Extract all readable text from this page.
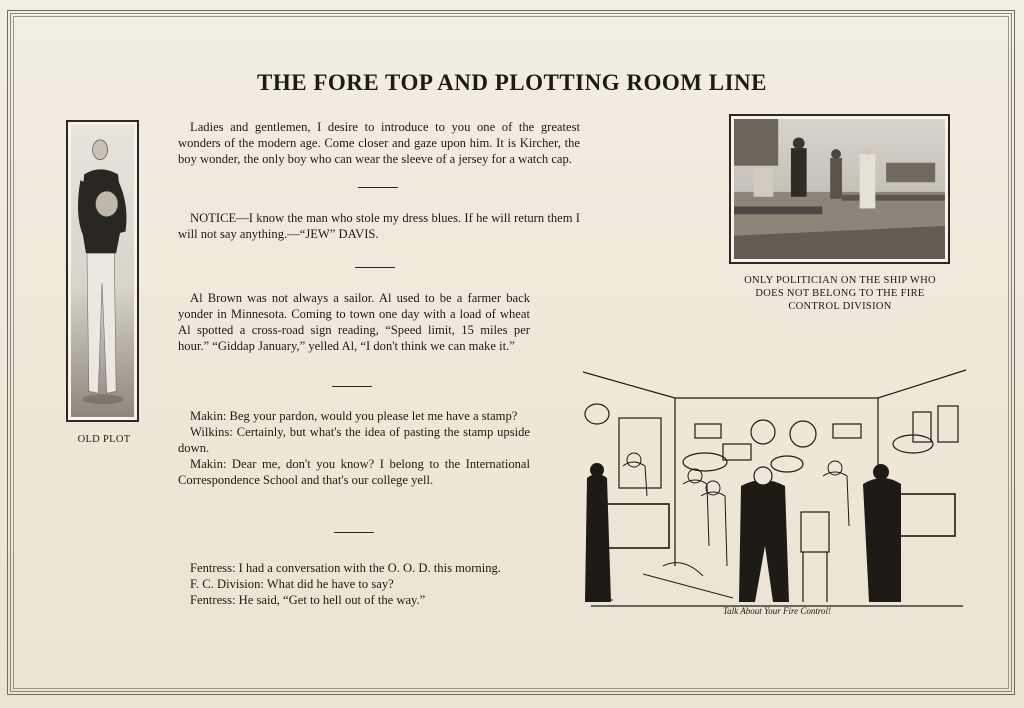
THE FORE TOP AND PLOTTING ROOM LINE
OLD PLOT

Ladies and gentlemen, I desire to introduce to you one of the greatest wonders of the modern age. Come closer and gaze upon him. It is Kircher, the boy wonder, the only boy who can wear the sleeve of a jersey for a watch cap.

NOTICE—I know the man who stole my dress blues. If he will return them I will not say anything.—“JEW” DAVIS.

Al Brown was not always a sailor. Al used to be a farmer back yonder in Minnesota. Coming to town one day with a load of wheat Al spotted a cross-road sign reading, “Speed limit, 15 miles per hour.” “Giddap January,” yelled Al, “I don't think we can make it.”

Makin: Beg your pardon, would you please let me have a stamp?

Wilkins: Certainly, but what's the idea of pasting the stamp upside down.

Makin: Dear me, don't you know? I belong to the International Correspondence School and that's our college yell.

Fentress: I had a conversation with the O. O. D. this morning.

F. C. Division: What did he have to say?

Fentress: He said, “Get to hell out of the way.”

ONLY POLITICIAN ON THE SHIP WHO
DOES NOT BELONG TO THE FIRE
CONTROL DIVISION
Talk About Your Fire Control!
